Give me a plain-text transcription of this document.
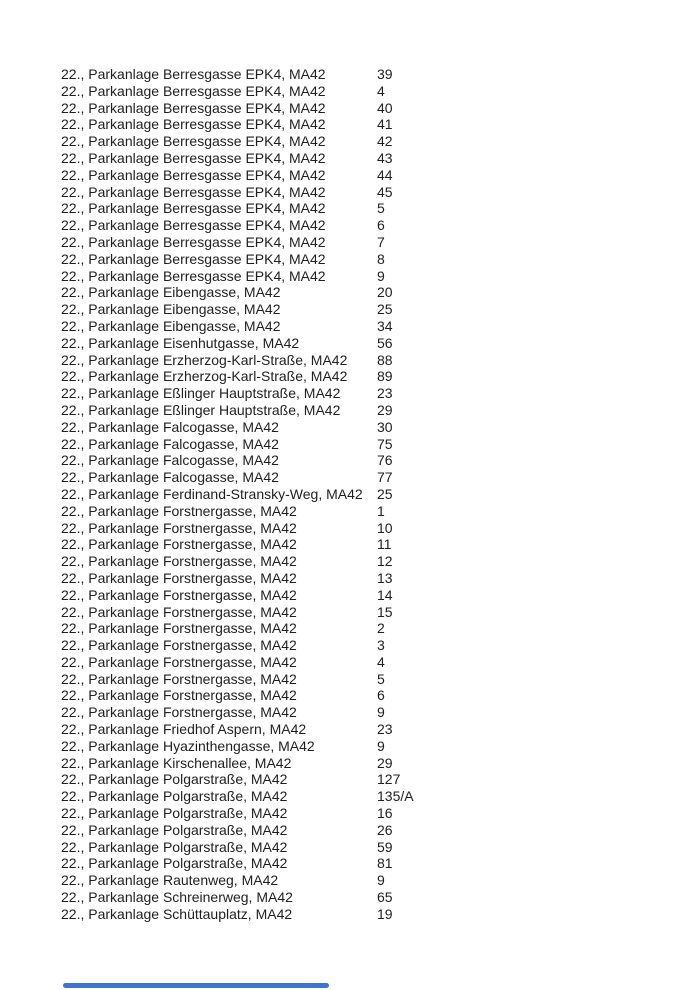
22., Parkanlage Berresgasse EPK4, MA42	39
22., Parkanlage Berresgasse EPK4, MA42	4
22., Parkanlage Berresgasse EPK4, MA42	40
22., Parkanlage Berresgasse EPK4, MA42	41
22., Parkanlage Berresgasse EPK4, MA42	42
22., Parkanlage Berresgasse EPK4, MA42	43
22., Parkanlage Berresgasse EPK4, MA42	44
22., Parkanlage Berresgasse EPK4, MA42	45
22., Parkanlage Berresgasse EPK4, MA42	5
22., Parkanlage Berresgasse EPK4, MA42	6
22., Parkanlage Berresgasse EPK4, MA42	7
22., Parkanlage Berresgasse EPK4, MA42	8
22., Parkanlage Berresgasse EPK4, MA42	9
22., Parkanlage Eibengasse, MA42	20
22., Parkanlage Eibengasse, MA42	25
22., Parkanlage Eibengasse, MA42	34
22., Parkanlage Eisenhutgasse, MA42	56
22., Parkanlage Erzherzog-Karl-Straße, MA42	88
22., Parkanlage Erzherzog-Karl-Straße, MA42	89
22., Parkanlage Eßlinger Hauptstraße, MA42	23
22., Parkanlage Eßlinger Hauptstraße, MA42	29
22., Parkanlage Falcogasse, MA42	30
22., Parkanlage Falcogasse, MA42	75
22., Parkanlage Falcogasse, MA42	76
22., Parkanlage Falcogasse, MA42	77
22., Parkanlage Ferdinand-Stransky-Weg, MA42	25
22., Parkanlage Forstnergasse, MA42	1
22., Parkanlage Forstnergasse, MA42	10
22., Parkanlage Forstnergasse, MA42	11
22., Parkanlage Forstnergasse, MA42	12
22., Parkanlage Forstnergasse, MA42	13
22., Parkanlage Forstnergasse, MA42	14
22., Parkanlage Forstnergasse, MA42	15
22., Parkanlage Forstnergasse, MA42	2
22., Parkanlage Forstnergasse, MA42	3
22., Parkanlage Forstnergasse, MA42	4
22., Parkanlage Forstnergasse, MA42	5
22., Parkanlage Forstnergasse, MA42	6
22., Parkanlage Forstnergasse, MA42	9
22., Parkanlage Friedhof Aspern, MA42	23
22., Parkanlage Hyazinthengasse, MA42	9
22., Parkanlage Kirschenallee, MA42	29
22., Parkanlage Polgarstraße, MA42	127
22., Parkanlage Polgarstraße, MA42	135/A
22., Parkanlage Polgarstraße, MA42	16
22., Parkanlage Polgarstraße, MA42	26
22., Parkanlage Polgarstraße, MA42	59
22., Parkanlage Polgarstraße, MA42	81
22., Parkanlage Rautenweg, MA42	9
22., Parkanlage Schreinerweg, MA42	65
22., Parkanlage Schüttauplatz, MA42	19
